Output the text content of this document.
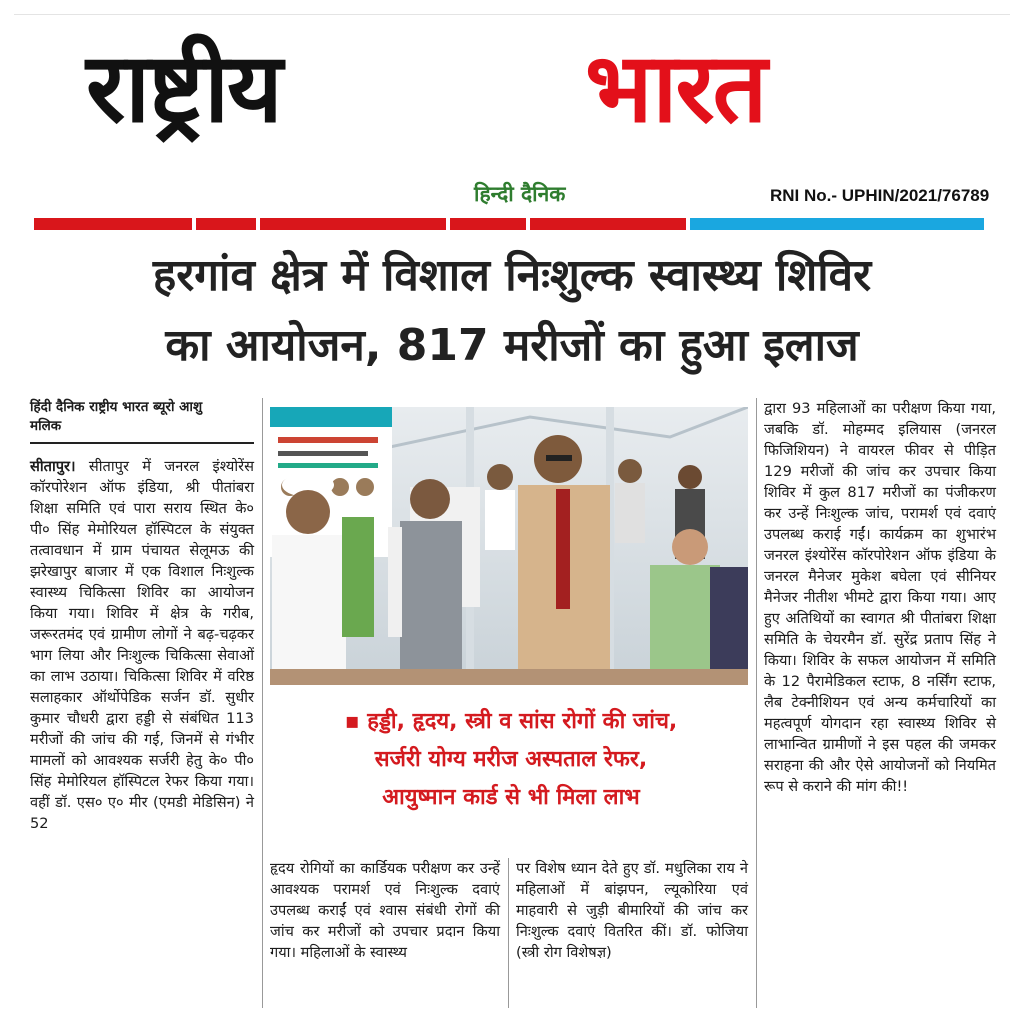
राष्ट्रीय	भारत
हिन्दी दैनिक	RNI No.- UPHIN/2021/76789
हरगांव क्षेत्र में विशाल निःशुल्क स्वास्थ्य शिविर
का आयोजन, 817 मरीजों का हुआ इलाज
हिंदी दैनिक राष्ट्रीय भारत ब्यूरो आशु
मलिक
सीतापुर। सीतापुर में जनरल इंश्योरेंस कॉरपोरेशन ऑफ इंडिया, श्री पीतांबरा शिक्षा समिति एवं पारा सराय स्थित के० पी० सिंह मेमोरियल हॉस्पिटल के संयुक्त तत्वावधान में ग्राम पंचायत सेलूमऊ की झरेखापुर बाजार में एक विशाल निःशुल्क स्वास्थ्य चिकित्सा शिविर का आयोजन किया गया। शिविर में क्षेत्र के गरीब, जरूरतमंद एवं ग्रामीण लोगों ने बढ़-चढ़कर भाग लिया और निःशुल्क चिकित्सा सेवाओं का लाभ उठाया। चिकित्सा शिविर में वरिष्ठ सलाहकार ऑर्थोपेडिक सर्जन डॉ. सुधीर कुमार चौधरी द्वारा हड्डी से संबंधित 113 मरीजों की जांच की गई, जिनमें से गंभीर मामलों को आवश्यक सर्जरी हेतु के० पी० सिंह मेमोरियल हॉस्पिटल रेफर किया गया। वहीं डॉ. एस० ए० मीर (एमडी मेडिसिन) ने 52
▪ हड्डी, हृदय, स्त्री व सांस रोगों की जांच,
सर्जरी योग्य मरीज अस्पताल रेफर,
आयुष्मान कार्ड से भी मिला लाभ
हृदय रोगियों का कार्डियक परीक्षण कर उन्हें आवश्यक परामर्श एवं निःशुल्क दवाएं उपलब्ध कराईं एवं श्वास संबंधी रोगों की जांच कर मरीजों को उपचार प्रदान किया गया। महिलाओं के स्वास्थ्य
पर विशेष ध्यान देते हुए डॉ. मधुलिका राय ने महिलाओं में बांझपन, ल्यूकोरिया एवं माहवारी से जुड़ी बीमारियों की जांच कर निःशुल्क दवाएं वितरित कीं। डॉ. फोजिया (स्त्री रोग विशेषज्ञ)
द्वारा 93 महिलाओं का परीक्षण किया गया, जबकि डॉ. मोहम्मद इलियास (जनरल फिजिशियन) ने वायरल फीवर से पीड़ित 129 मरीजों की जांच कर उपचार किया शिविर में कुल 817 मरीजों का पंजीकरण कर उन्हें निःशुल्क जांच, परामर्श एवं दवाएं उपलब्ध कराई गईं। कार्यक्रम का शुभारंभ जनरल इंश्योरेंस कॉरपोरेशन ऑफ इंडिया के जनरल मैनेजर मुकेश बघेला एवं सीनियर मैनेजर नीतीश भीमटे द्वारा किया गया। आए हुए अतिथियों का स्वागत श्री पीतांबरा शिक्षा समिति के चेयरमैन डॉ. सुरेंद्र प्रताप सिंह ने किया। शिविर के सफल आयोजन में समिति के 12 पैरामेडिकल स्टाफ, 8 नर्सिंग स्टाफ, लैब टेक्नीशियन एवं अन्य कर्मचारियों का महत्वपूर्ण योगदान रहा स्वास्थ्य शिविर से लाभान्वित ग्रामीणों ने इस पहल की जमकर सराहना की और ऐसे आयोजनों को नियमित रूप से कराने की मांग की!!
